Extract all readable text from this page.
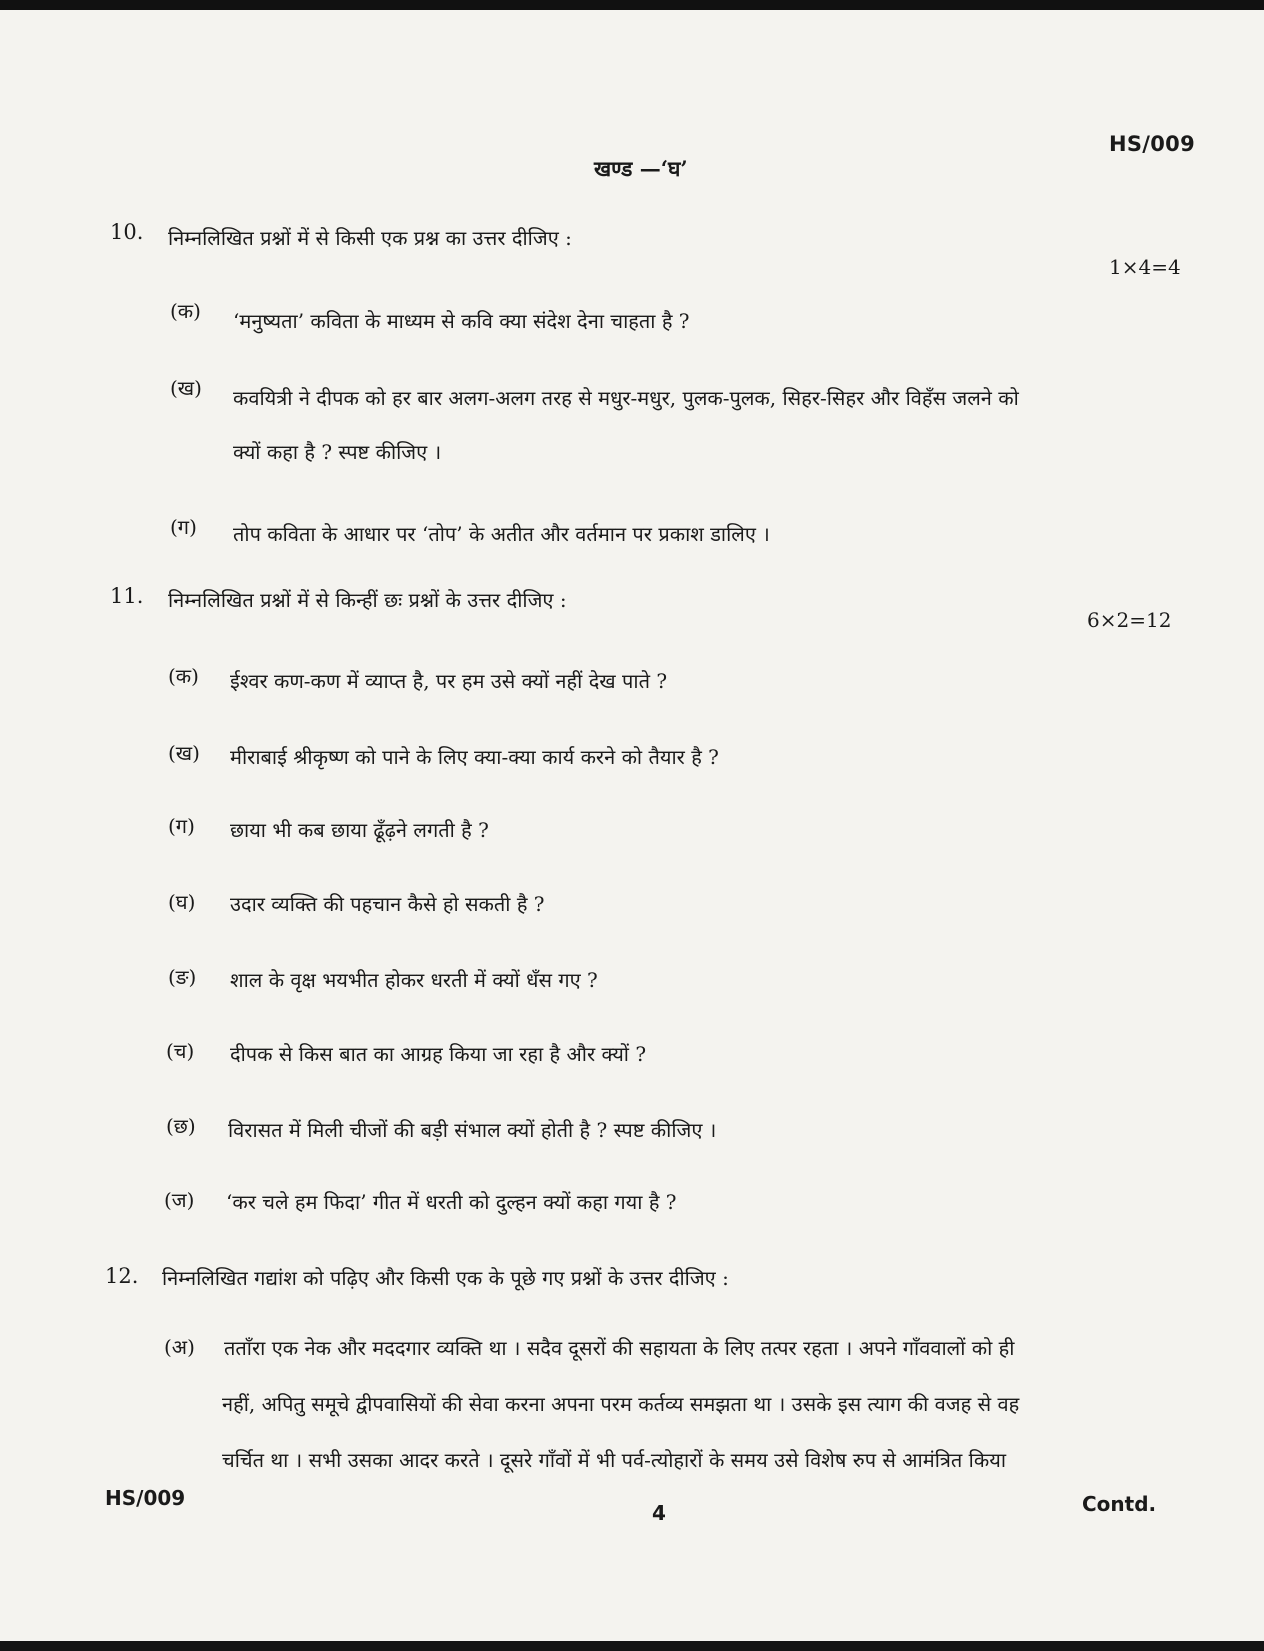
HS/009
खण्ड —‘घ’
10. निम्नलिखित प्रश्नों में से किसी एक प्रश्न का उत्तर दीजिए :
1×4=4
(क) ‘मनुष्यता’ कविता के माध्यम से कवि क्या संदेश देना चाहता है ?
(ख) कवयित्री ने दीपक को हर बार अलग-अलग तरह से मधुर-मधुर, पुलक-पुलक, सिहर-सिहर और विहँस जलने को
क्यों कहा है ? स्पष्ट कीजिए ।
(ग) तोप कविता के आधार पर ‘तोप’ के अतीत और वर्तमान पर प्रकाश डालिए ।
11. निम्नलिखित प्रश्नों में से किन्हीं छः प्रश्नों के उत्तर दीजिए :
6×2=12
(क) ईश्वर कण-कण में व्याप्त है, पर हम उसे क्यों नहीं देख पाते ?
(ख) मीराबाई श्रीकृष्ण को पाने के लिए क्या-क्या कार्य करने को तैयार है ?
(ग) छाया भी कब छाया ढूँढ़ने लगती है ?
(घ) उदार व्यक्ति की पहचान कैसे हो सकती है ?
(ङ) शाल के वृक्ष भयभीत होकर धरती में क्यों धँस गए ?
(च) दीपक से किस बात का आग्रह किया जा रहा है और क्यों ?
(छ) विरासत में मिली चीजों की बड़ी संभाल क्यों होती है ? स्पष्ट कीजिए ।
(ज) ‘कर चले हम फिदा’ गीत में धरती को दुल्हन क्यों कहा गया है ?
12. निम्नलिखित गद्यांश को पढ़िए और किसी एक के पूछे गए प्रश्नों के उत्तर दीजिए :
(अ) तताँरा एक नेक और मददगार व्यक्ति था । सदैव दूसरों की सहायता के लिए तत्पर रहता । अपने गाँववालों को ही
नहीं, अपितु समूचे द्वीपवासियों की सेवा करना अपना परम कर्तव्य समझता था । उसके इस त्याग की वजह से वह
चर्चित था । सभी उसका आदर करते । दूसरे गाँवों में भी पर्व-त्योहारों के समय उसे विशेष रुप से आमंत्रित किया
HS/009
4	Contd.
